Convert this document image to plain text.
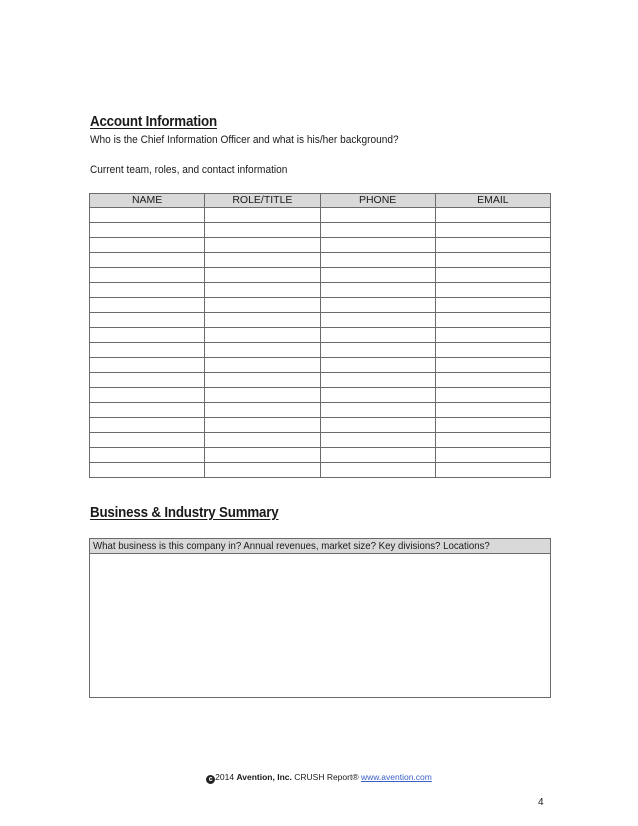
Account Information
Who is the Chief Information Officer and what is his/her background?
Current team, roles, and contact information
NAME	ROLE/TITLE	PHONE	EMAIL

Business & Industry Summary
What business is this company in? Annual revenues, market size? Key divisions? Locations?
c 2014 Avention, Inc. CRUSH Report® www.avention.com
4
